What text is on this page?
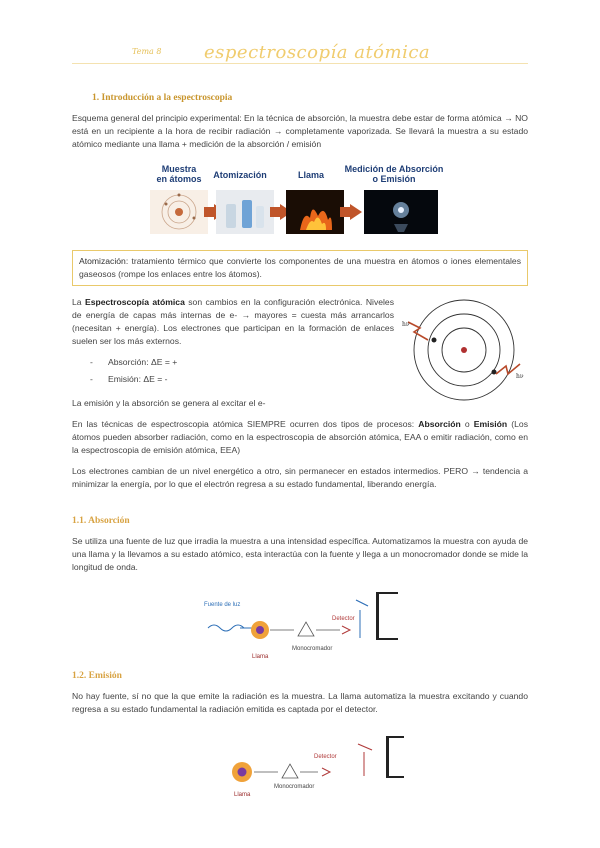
Tema 8 espectroscopía atómica
1. Introducción a la espectroscopia
Esquema general del principio experimental: En la técnica de absorción, la muestra debe estar de forma atómica → NO está en un recipiente a la hora de recibir radiación → completamente vaporizada. Se llevará la muestra a su estado atómico mediante una llama + medición de la absorción / emisión
Muestra
en átomos	Atomización	Llama
Medición de Absorción
o Emisión
Atomización: tratamiento térmico que convierte los componentes de una muestra en átomos o iones elementales gaseosos (rompe los enlaces entre los átomos).
La Espectroscopía atómica son cambios en la configuración electrónica. Niveles de energía de capas más internas de e- → mayores = cuesta más arrancarlos (necesitan + energía). Los electrones que participan en la formación de enlaces suelen ser los más externos.
- Absorción: ΔE = +
- Emisión: ΔE = -
hν
hν
La emisión y la absorción se genera al excitar el e-
En las técnicas de espectroscopia atómica SIEMPRE ocurren dos tipos de procesos: Absorción o Emisión (Los átomos pueden absorber radiación, como en la espectroscopia de absorción atómica, EAA o emitir radiación, como en la espectroscopia de emisión atómica, EEA)
Los electrones cambian de un nivel energético a otro, sin permanecer en estados intermedios. PERO → tendencia a minimizar la energía, por lo que el electrón regresa a su estado fundamental, liberando energía.
1.1. Absorción
Se utiliza una fuente de luz que irradia la muestra a una intensidad específica. Automatizamos la muestra con ayuda de una llama y la llevamos a su estado atómico, esta interactúa con la fuente y llega a un monocromador donde se mide la longitud de onda.
Fuente de luz
Llama
Monocromador
Detector
1.2. Emisión
No hay fuente, sí no que la que emite la radiación es la muestra. La llama automatiza la muestra excitando y cuando regresa a su estado fundamental la radiación emitida es captada por el detector.
Llama
Monocromador
Detector
